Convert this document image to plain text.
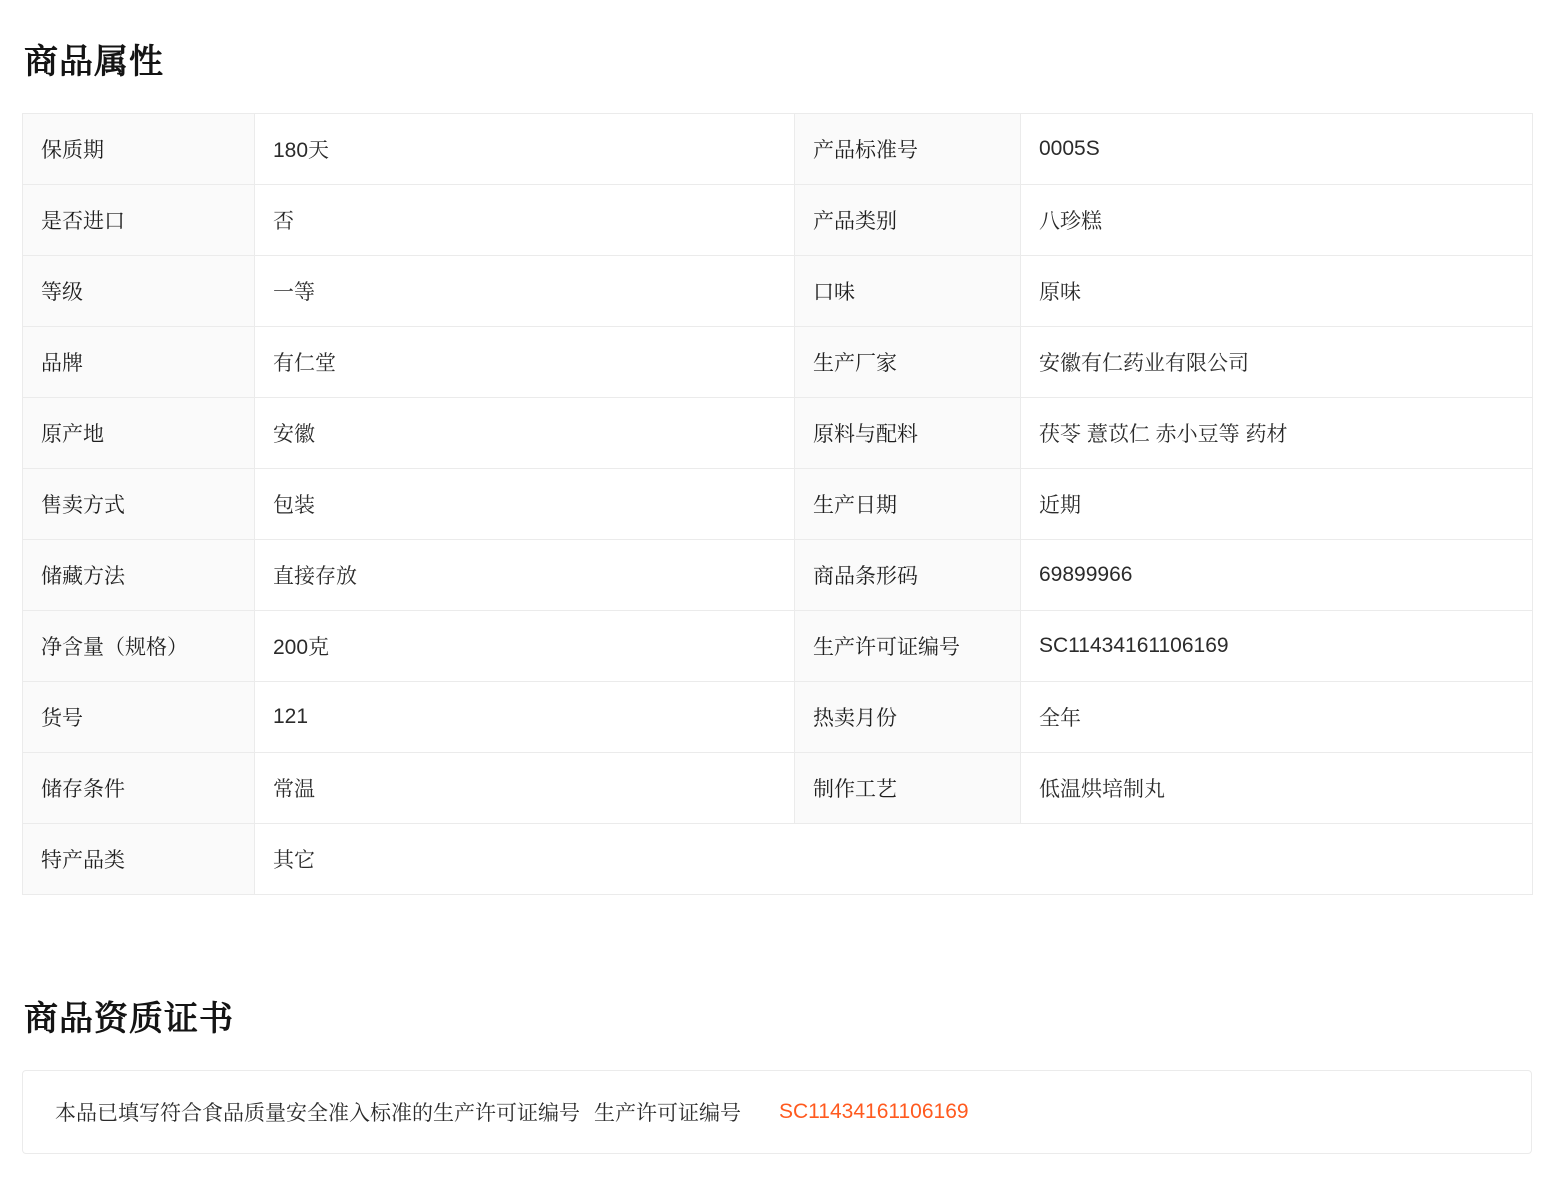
商品属性
保质期	180天	产品标准号	0005S
是否进口	否	产品类别	八珍糕
等级	一等	口味	原味
品牌	有仁堂	生产厂家	安徽有仁药业有限公司
原产地	安徽	原料与配料	茯苓 薏苡仁 赤小豆等 药材
售卖方式	包装	生产日期	近期
储藏方法	直接存放	商品条形码	69899966
净含量（规格）	200克	生产许可证编号	SC11434161106169
货号	121	热卖月份	全年
储存条件	常温	制作工艺	低温烘培制丸
特产品类	其它		
商品资质证书
本品已填写符合食品质量安全准入标准的生产许可证编号 生产许可证编号 SC11434161106169
